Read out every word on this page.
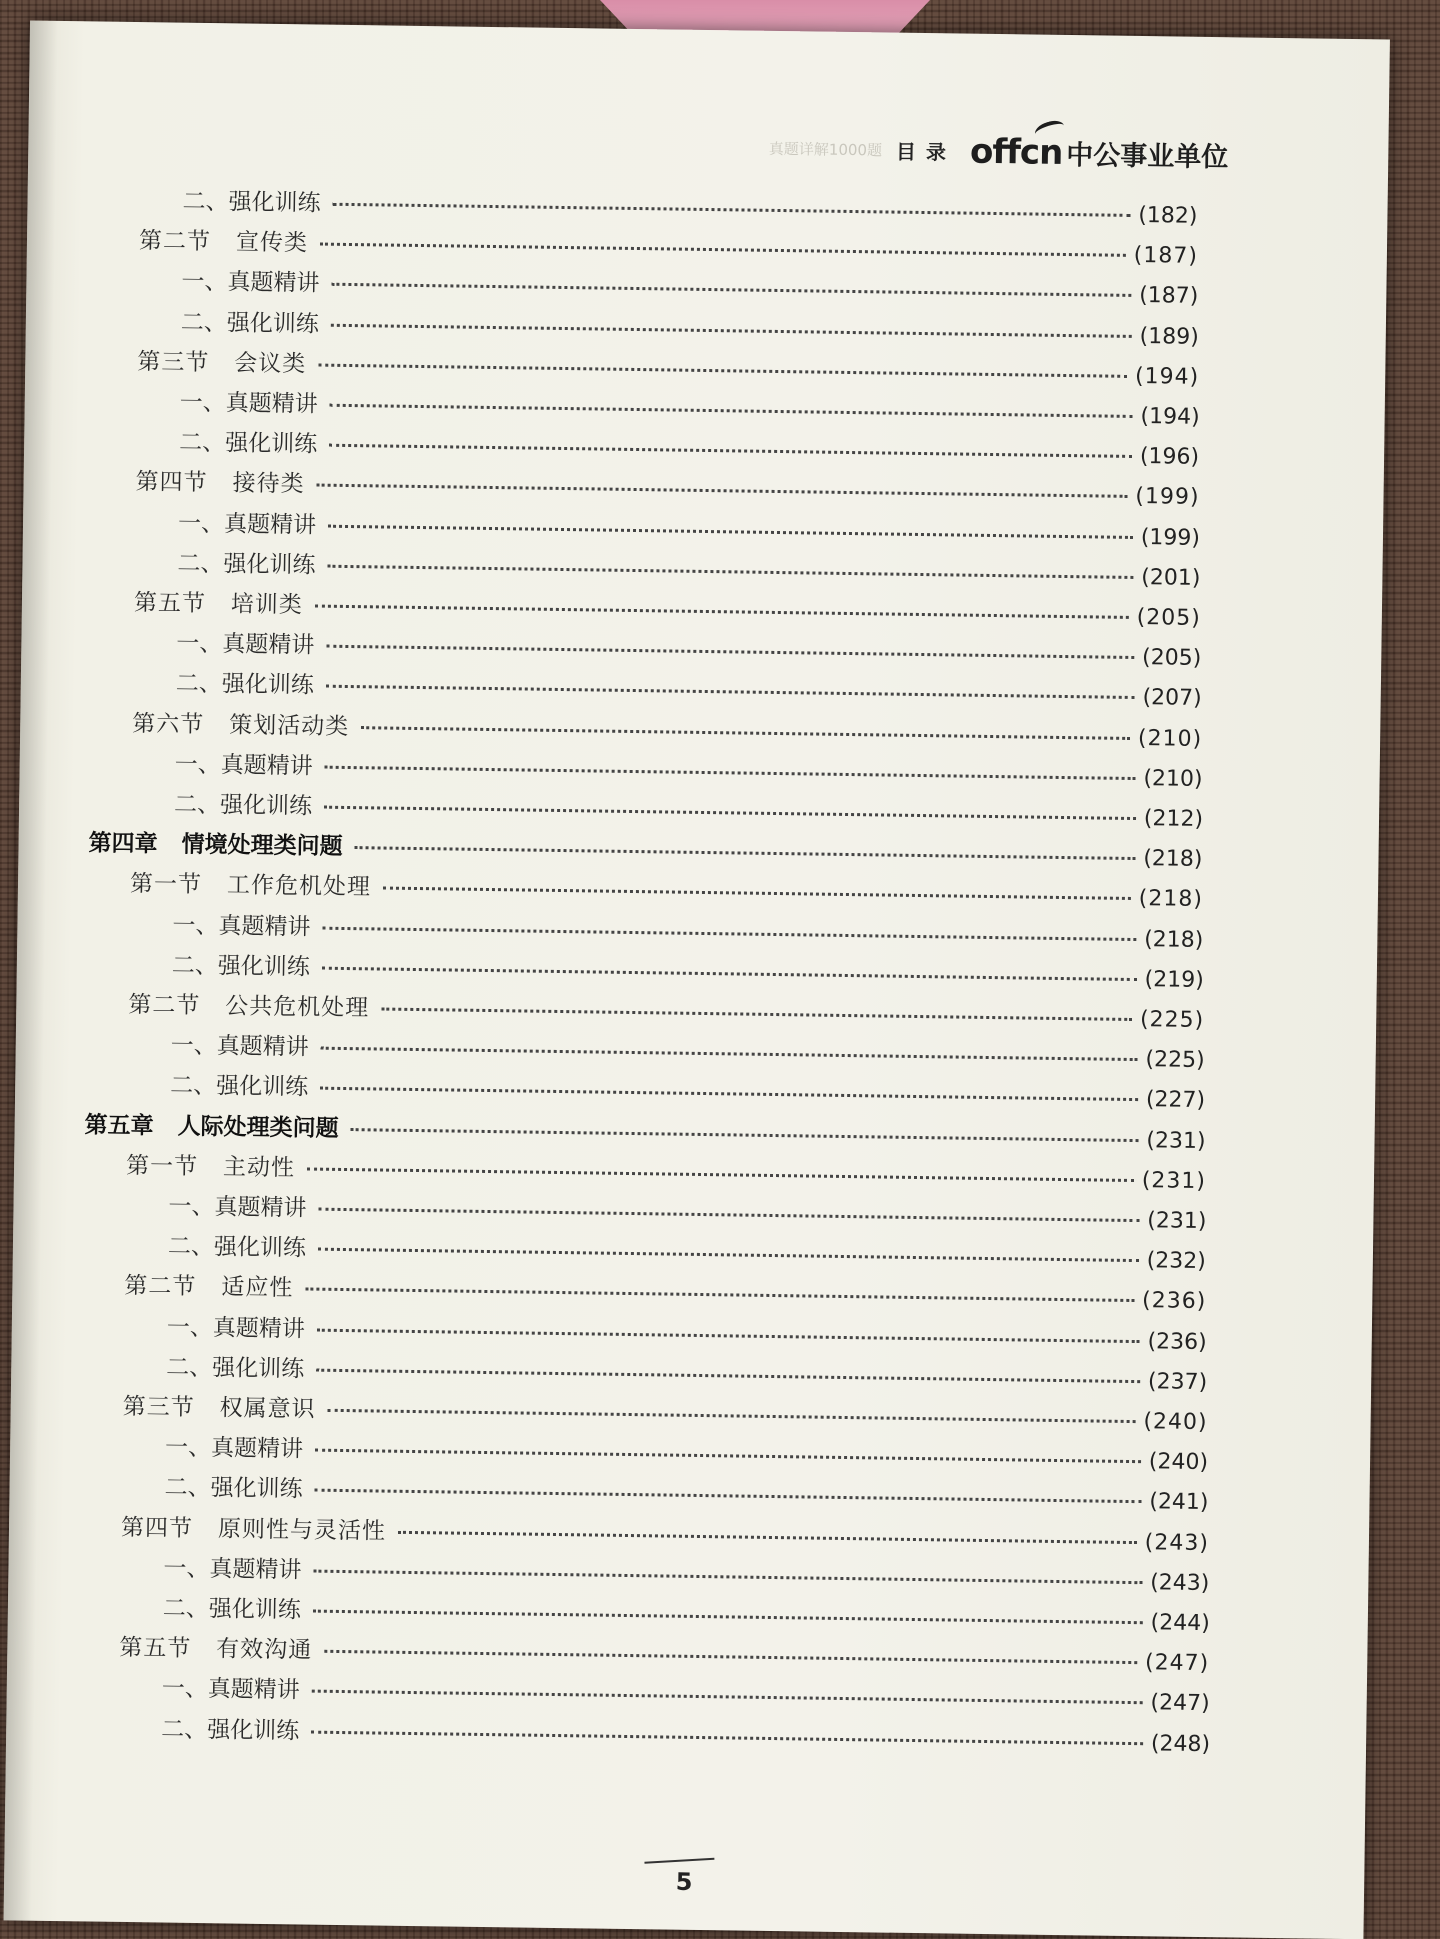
真题详解1000题 目录 offcn 中公事业单位
二、强化训练	(182)
第二节   宣传类	(187)
一、真题精讲	(187)
二、强化训练	(189)
第三节   会议类	(194)
一、真题精讲	(194)
二、强化训练	(196)
第四节   接待类	(199)
一、真题精讲	(199)
二、强化训练	(201)
第五节   培训类	(205)
一、真题精讲	(205)
二、强化训练	(207)
第六节   策划活动类	(210)
一、真题精讲	(210)
二、强化训练	(212)
第四章   情境处理类问题	(218)
第一节   工作危机处理	(218)
一、真题精讲	(218)
二、强化训练	(219)
第二节   公共危机处理	(225)
一、真题精讲	(225)
二、强化训练	(227)
第五章   人际处理类问题	(231)
第一节   主动性	(231)
一、真题精讲	(231)
二、强化训练	(232)
第二节   适应性	(236)
一、真题精讲	(236)
二、强化训练	(237)
第三节   权属意识	(240)
一、真题精讲	(240)
二、强化训练	(241)
第四节   原则性与灵活性	(243)
一、真题精讲	(243)
二、强化训练	(244)
第五节   有效沟通	(247)
一、真题精讲	(247)
二、强化训练	(248)
5
